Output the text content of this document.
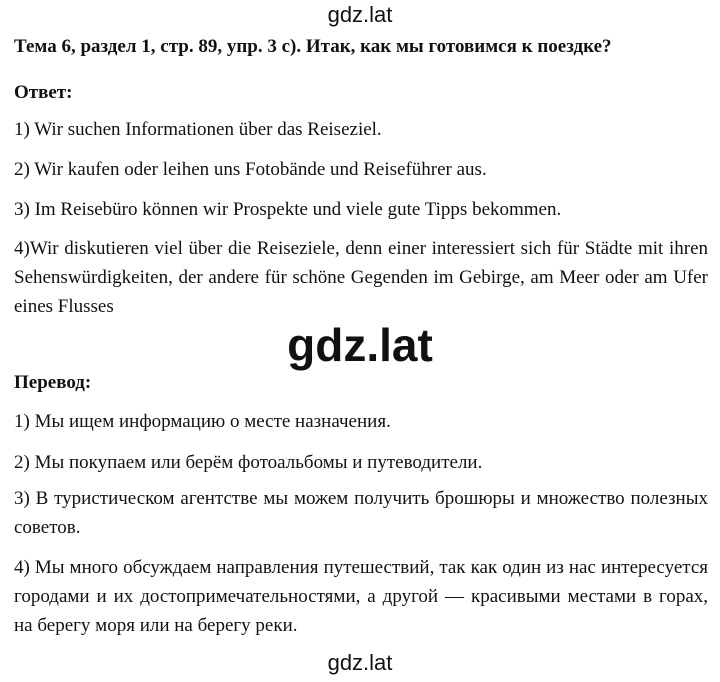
gdz.lat
Тема 6, раздел 1, стр. 89, упр. 3 c). Итак, как мы готовимся к поездке?
Ответ:
1) Wir suchen Informationen über das Reiseziel.
2) Wir kaufen oder leihen uns Fotobände und Reiseführer aus.
3) Im Reisebüro können wir Prospekte und viele gute Tipps bekommen.
4)Wir diskutieren viel über die Reiseziele, denn einer interessiert sich für Städte mit ihren Sehenswürdigkeiten, der andere für schöne Gegenden im Gebirge, am Meer oder am Ufer eines Flusses
gdz.lat
Перевод:
1) Мы ищем информацию о месте назначения.
2) Мы покупаем или берём фотоальбомы и путеводители.
3) В туристическом агентстве мы можем получить брошюры и множество полезных советов.
4) Мы много обсуждаем направления путешествий, так как один из нас интересуется городами и их достопримечательностями, а другой — красивыми местами в горах, на берегу моря или на берегу реки.
gdz.lat
